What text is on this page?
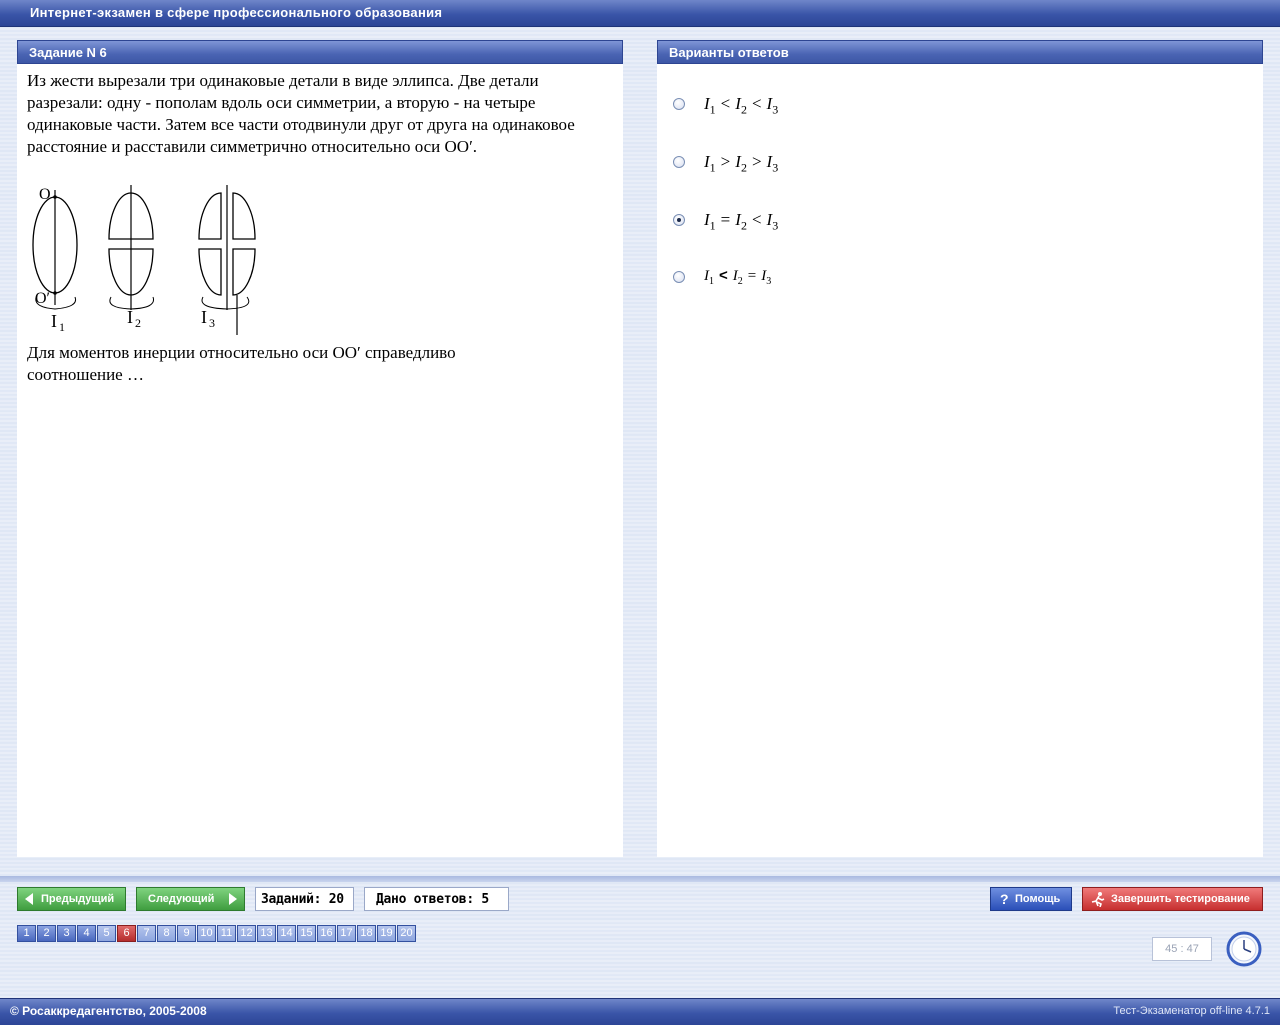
Интернет-экзамен в сфере профессионального образования
Задание N 6
Из жести вырезали три одинаковые детали в виде эллипса. Две детали разрезали: одну - пополам вдоль оси симметрии, а вторую - на четыре одинаковые части. Затем все части отодвинули друг от друга на одинаковое расстояние и расставили симметрично относительно оси OO′.
O
O′
I 1	I 2	I 3
Для моментов инерции относительно оси OO′ справедливо соотношение …
Варианты ответов
$I_1 < I_2 < I_3$
$I_1 > I_2 > I_3$
$I_1 = I_2 < I_3$
$I_1 < I_2 = I_3$
Предыдущий	Следующий	Заданий: 20	Дано ответов: 5	? Помощь	Завершить тестирование
1	2	3	4	5	6	7	8	9 10 11 12 13 14 15 16 17 18 19 20
45 : 47
© Росаккредагентство, 2005-2008	Тест-Экзаменатор off-line 4.7.1
